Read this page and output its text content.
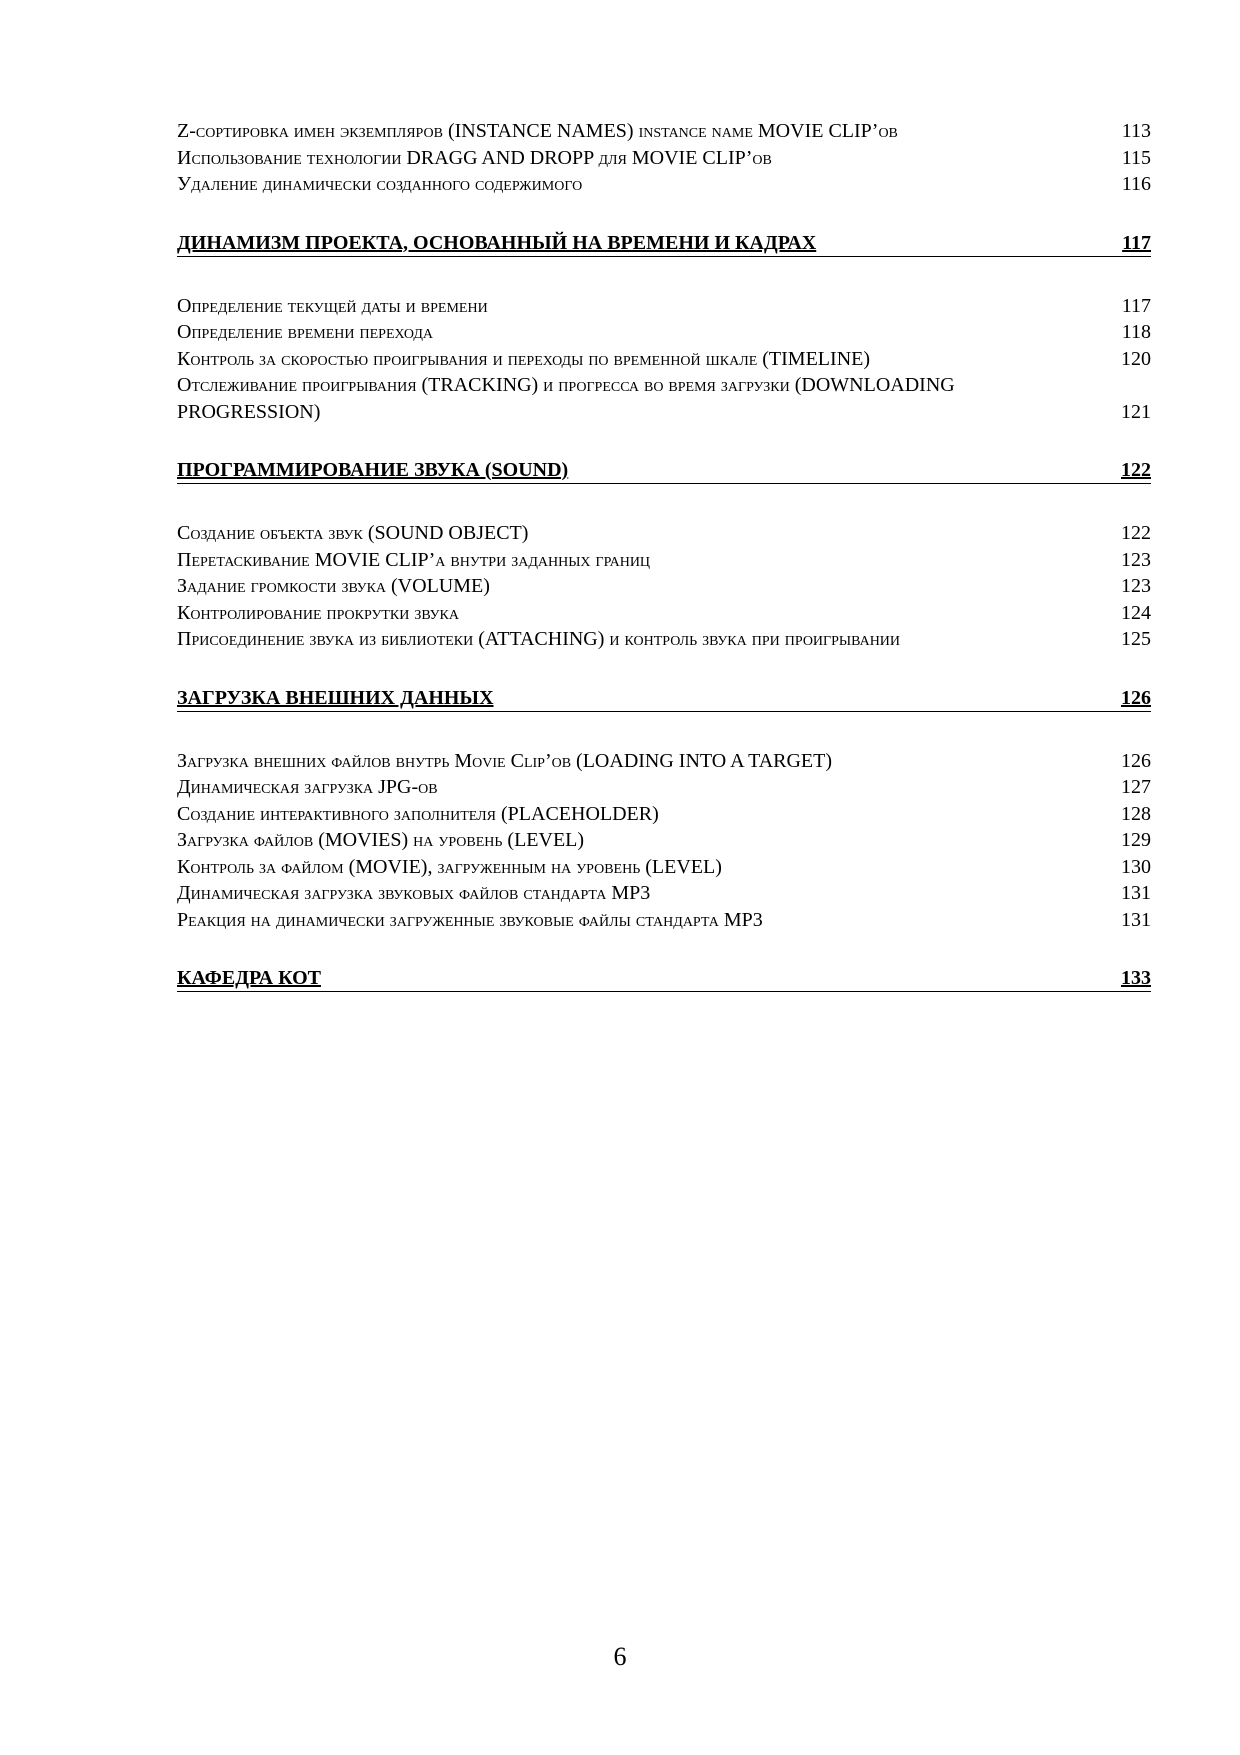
Z-сортировка имен экземпляров (INSTANCE NAMES) instance name MOVIE CLIP’ов	113
Использование технологии DRAGG AND DROPP для MOVIE CLIP’ов	115
Удаление динамически созданного содержимого	116
ДИНАМИЗМ ПРОЕКТА, ОСНОВАННЫЙ НА ВРЕМЕНИ И КАДРАХ	117
Определение текущей даты и времени	117
Определение времени перехода	118
Контроль за скоростью проигрывания и переходы по временной шкале (TIMELINE)	120
Отслеживание проигрывания (TRACKING) и прогресса во время загрузки (DOWNLOADING
PROGRESSION)	121
ПРОГРАММИРОВАНИЕ ЗВУКА (SOUND)	122
Создание объекта звук (SOUND OBJECT)	122
Перетаскивание MOVIE CLIP’а внутри заданных границ	123
Задание громкости звука (VOLUME)	123
Контролирование прокрутки звука	124
Присоединение звука из библиотеки (ATTACHING) и контроль звука при проигрывании	125
ЗАГРУЗКА ВНЕШНИХ ДАННЫХ	126
Загрузка внешних файлов внутрь Movie Clip’ов (LOADING INTO A TARGET)	126
Динамическая загрузка JPG-ов	127
Создание интерактивного заполнителя (PLACEHOLDER)	128
Загрузка файлов (MOVIES) на уровень (LEVEL)	129
Контроль за файлом (MOVIE), загруженным на уровень (LEVEL)	130
Динамическая загрузка звуковых файлов стандарта MP3	131
Реакция на динамически загруженные звуковые файлы стандарта MP3	131
КАФЕДРА КОТ	133
6
